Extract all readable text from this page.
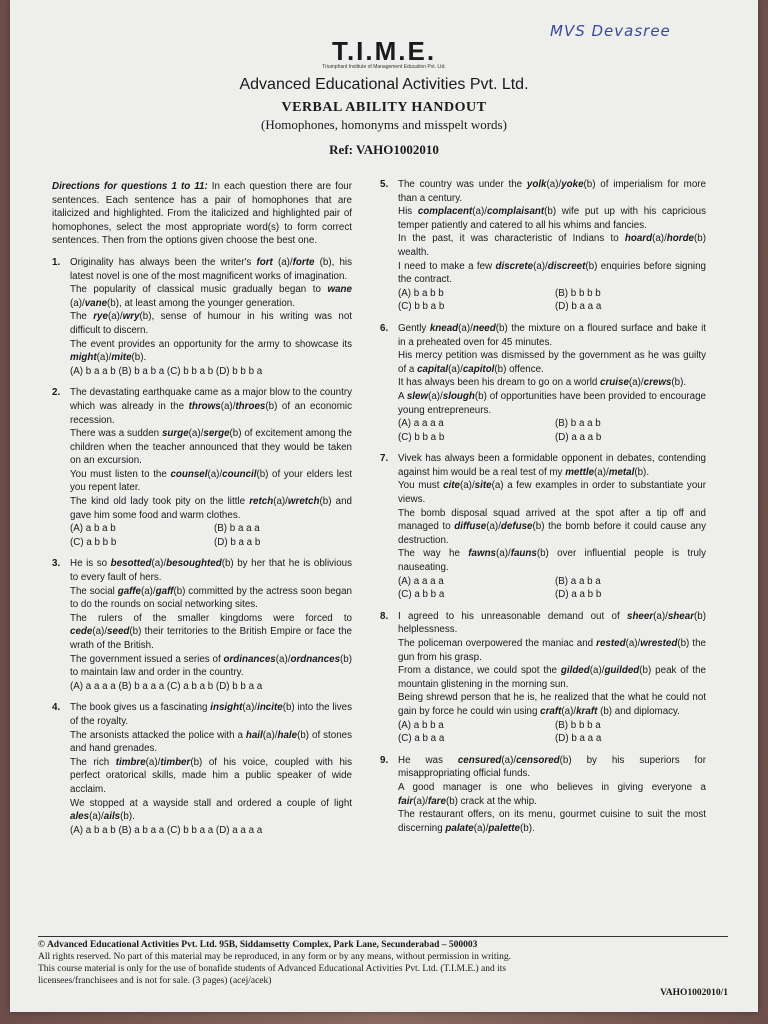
MVS Devasree
T.I.M.E.
Triumphant Institute of Management Education Pvt. Ltd.
Advanced Educational Activities Pvt. Ltd.
VERBAL ABILITY HANDOUT
(Homophones, homonyms and misspelt words)
Ref: VAHO1002010
Directions for questions 1 to 11: In each question there are four sentences. Each sentence has a pair of homophones that are italicized and highlighted. From the italicized and highlighted pair of homophones, select the most appropriate word(s) to form correct sentences. Then from the options given choose the best one.
1.	Originality has always been the writer's fort (a)/forte (b), his latest novel is one of the most magnificent works of imagination.
The popularity of classical music gradually began to wane (a)/vane(b), at least among the younger generation.
The rye(a)/wry(b), sense of humour in his writing was not difficult to discern.
The event provides an opportunity for the army to showcase its might(a)/mite(b).
(A) b a a b (B) b a b a (C) b b a b (D) b b b a
2.	The devastating earthquake came as a major blow to the country which was already in the throws(a)/throes(b) of an economic recession.
There was a sudden surge(a)/serge(b) of excitement among the children when the teacher announced that they would be taken on an excursion.
You must listen to the counsel(a)/council(b) of your elders lest you repent later.
The kind old lady took pity on the little retch(a)/wretch(b) and gave him some food and warm clothes.
(A) a b a b	(B) b a a a
(C) a b b b	(D) b a a b
3.	He is so besotted(a)/besoughted(b) by her that he is oblivious to every fault of hers.
The social gaffe(a)/gaff(b) committed by the actress soon began to do the rounds on social networking sites.
The rulers of the smaller kingdoms were forced to cede(a)/seed(b) their territories to the British Empire or face the wrath of the British.
The government issued a series of ordinances(a)/ordnances(b) to maintain law and order in the country.
(A) a a a a (B) b a a a (C) a b a b (D) b b a a
4.	The book gives us a fascinating insight(a)/incite(b) into the lives of the royalty.
The arsonists attacked the police with a hail(a)/hale(b) of stones and hand grenades.
The rich timbre(a)/timber(b) of his voice, coupled with his perfect oratorical skills, made him a public speaker of wide acclaim.
We stopped at a wayside stall and ordered a couple of light ales(a)/ails(b).
(A) a b a b (B) a b a a (C) b b a a (D) a a a a
5.	The country was under the yolk(a)/yoke(b) of imperialism for more than a century.
His complacent(a)/complaisant(b) wife put up with his capricious temper patiently and catered to all his whims and fancies.
In the past, it was characteristic of Indians to hoard(a)/horde(b) wealth.
I need to make a few discrete(a)/discreet(b) enquiries before signing the contract.
(A) b a b b	(B) b b b b
(C) b b a b	(D) b a a a
6.	Gently knead(a)/need(b) the mixture on a floured surface and bake it in a preheated oven for 45 minutes.
His mercy petition was dismissed by the government as he was guilty of a capital(a)/capitol(b) offence.
It has always been his dream to go on a world cruise(a)/crews(b).
A slew(a)/slough(b) of opportunities have been provided to encourage young entrepreneurs.
(A) a a a a	(B) b a a b
(C) b b a b	(D) a a a b
7.	Vivek has always been a formidable opponent in debates, contending against him would be a real test of my mettle(a)/metal(b).
You must cite(a)/site(a) a few examples in order to substantiate your views.
The bomb disposal squad arrived at the spot after a tip off and managed to diffuse(a)/defuse(b) the bomb before it could cause any destruction.
The way he fawns(a)/fauns(b) over influential people is truly nauseating.
(A) a a a a	(B) a a b a
(C) a b b a	(D) a a b b
8.	I agreed to his unreasonable demand out of sheer(a)/shear(b) helplessness.
The policeman overpowered the maniac and rested(a)/wrested(b) the gun from his grasp.
From a distance, we could spot the gilded(a)/guilded(b) peak of the mountain glistening in the morning sun.
Being shrewd person that he is, he realized that the what he could not gain by force he could win using craft(a)/kraft (b) and diplomacy.
(A) a b b a	(B) b b b a
(C) a b a a	(D) b a a a
9.	He was censured(a)/censored(b) by his superiors for misappropriating official funds.
A good manager is one who believes in giving everyone a fair(a)/fare(b) crack at the whip.
The restaurant offers, on its menu, gourmet cuisine to suit the most discerning palate(a)/palette(b).
© Advanced Educational Activities Pvt. Ltd. 95B, Siddamsetty Complex, Park Lane, Secunderabad – 500003
All rights reserved. No part of this material may be reproduced, in any form or by any means, without permission in writing.
This course material is only for the use of bonafide students of Advanced Educational Activities Pvt. Ltd. (T.I.M.E.) and its
licensees/franchisees and is not for sale. (3 pages) (acej/acek)
VAHO1002010/1
